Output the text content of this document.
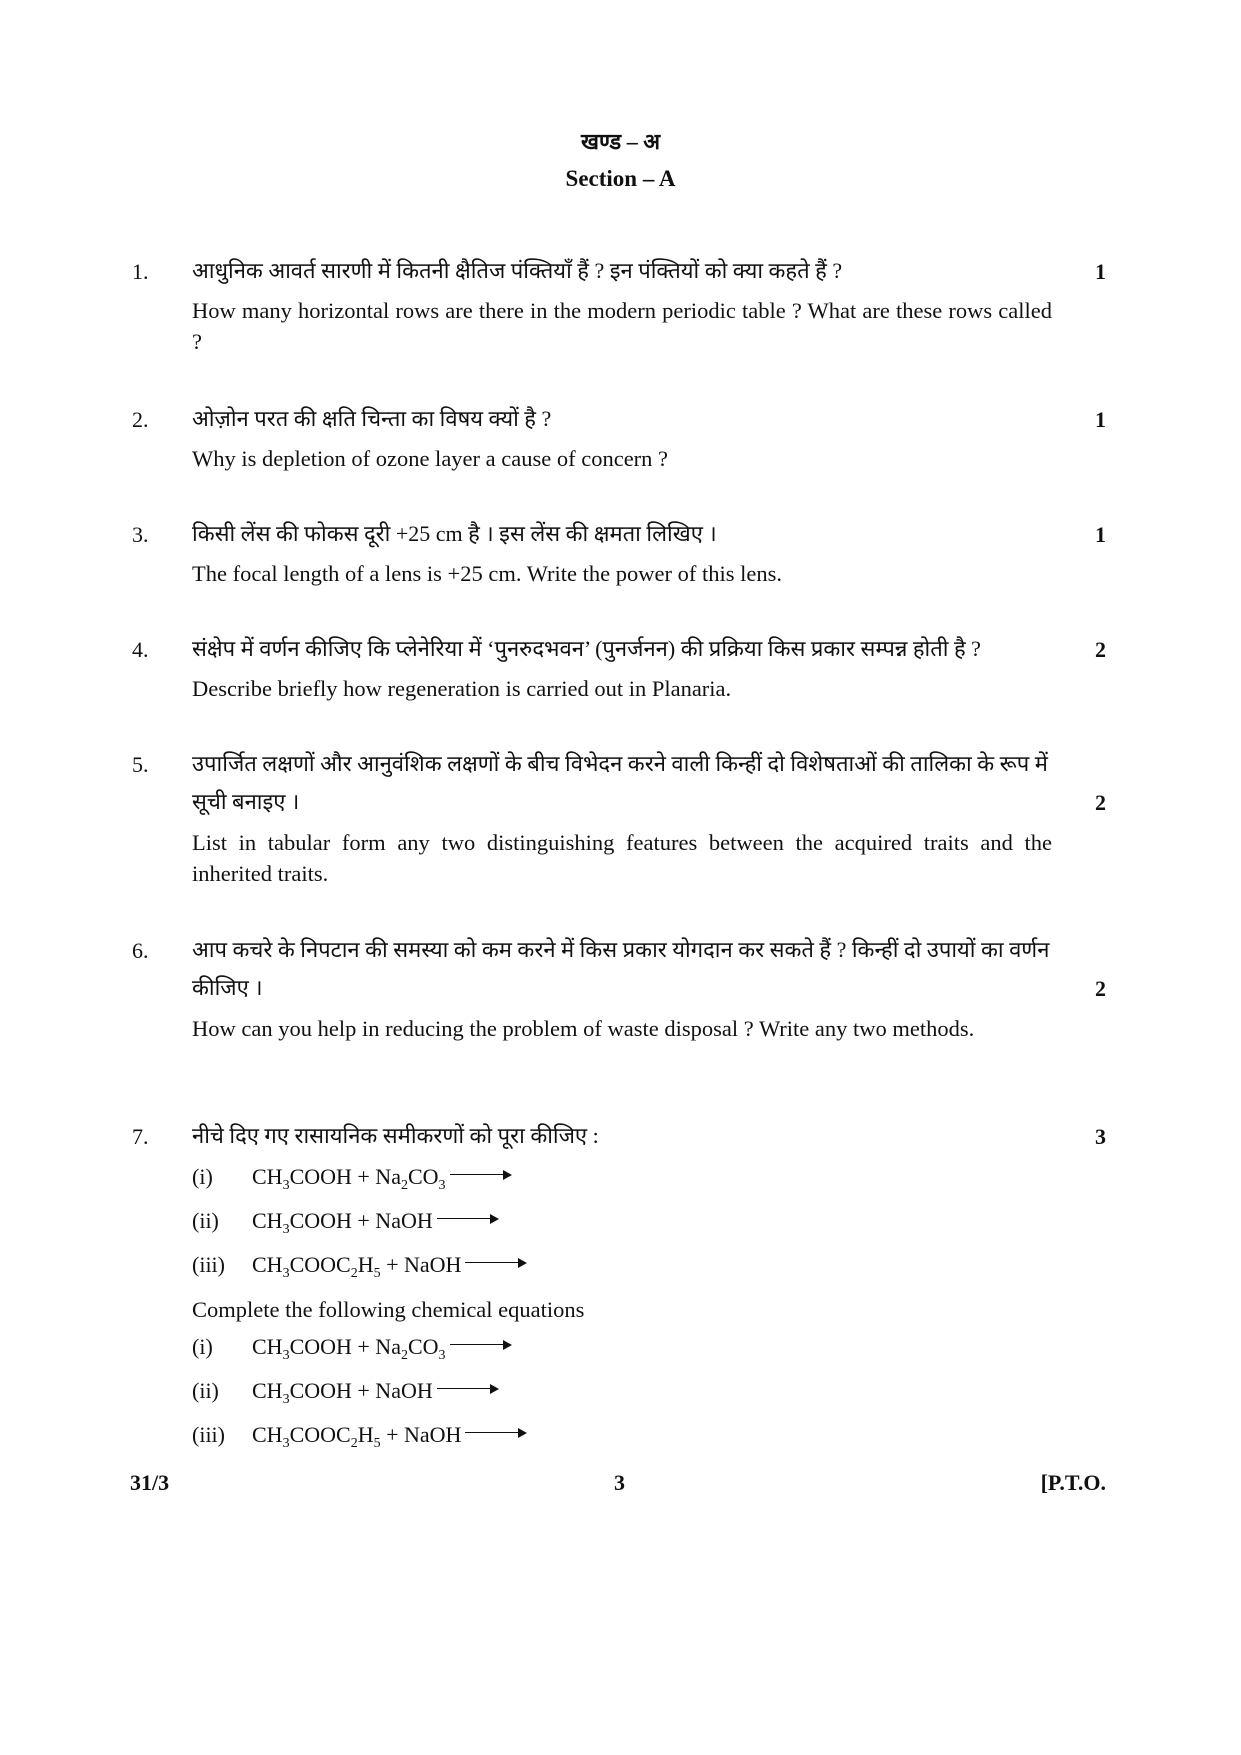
खण्ड – अ
Section – A
1. आधुनिक आवर्त सारणी में कितनी क्षैतिज पंक्तियाँ हैं ? इन पंक्तियों को क्या कहते हैं ?	1
How many horizontal rows are there in the modern periodic table ? What are these rows called ?
2. ओज़ोन परत की क्षति चिन्ता का विषय क्यों है ?	1
Why is depletion of ozone layer a cause of concern ?
3. किसी लेंस की फोकस दूरी +25 cm है । इस लेंस की क्षमता लिखिए ।	1
The focal length of a lens is +25 cm. Write the power of this lens.
4. संक्षेप में वर्णन कीजिए कि प्लेनेरिया में ‘पुनरुदभवन’ (पुनर्जनन) की प्रक्रिया किस प्रकार सम्पन्न होती है ?	2
Describe briefly how regeneration is carried out in Planaria.
5. उपार्जित लक्षणों और आनुवंशिक लक्षणों के बीच विभेदन करने वाली किन्हीं दो विशेषताओं की तालिका के रूप में सूची बनाइए ।	2
List in tabular form any two distinguishing features between the acquired traits and the inherited traits.
6. आप कचरे के निपटान की समस्या को कम करने में किस प्रकार योगदान कर सकते हैं ? किन्हीं दो उपायों का वर्णन कीजिए ।	2
How can you help in reducing the problem of waste disposal ? Write any two methods.
7. नीचे दिए गए रासायनिक समीकरणों को पूरा कीजिए :	3
(i) $CH_3COOH + Na_2CO_3$
(ii) $CH_3COOH$ + NaOH
(iii) $CH_3COOC_2H_5$ + NaOH
Complete the following chemical equations
(i) $CH_3COOH + Na_2CO_3$
(ii) $CH_3COOH$ + NaOH
(iii) $CH_3COOC_2H_5$ + NaOH
31/3	3	[P.T.O.
